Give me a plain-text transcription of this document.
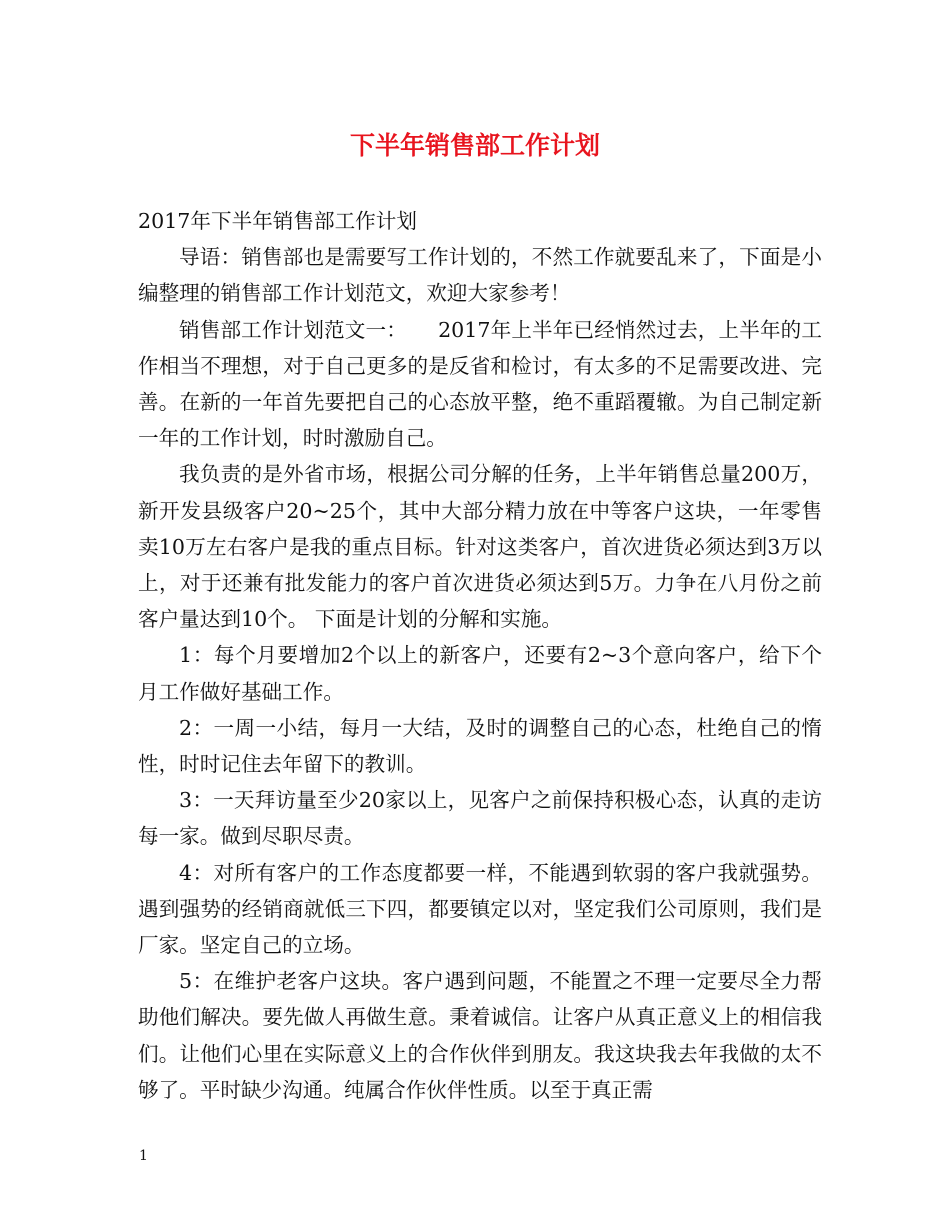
下半年销售部工作计划

2017年下半年销售部工作计划

导语：销售部也是需要写工作计划的，不然工作就要乱来了，下面是小编整理的销售部工作计划范文，欢迎大家参考！

销售部工作计划范文一：　　2017年上半年已经悄然过去，上半年的工作相当不理想，对于自己更多的是反省和检讨，有太多的不足需要改进、完善。在新的一年首先要把自己的心态放平整，绝不重蹈覆辙。为自己制定新一年的工作计划，时时激励自己。

我负责的是外省市场，根据公司分解的任务，上半年销售总量200万，新开发县级客户20~25个，其中大部分精力放在中等客户这块，一年零售卖10万左右客户是我的重点目标。针对这类客户，首次进货必须达到3万以上，对于还兼有批发能力的客户首次进货必须达到5万。力争在八月份之前客户量达到10个。 下面是计划的分解和实施。

1：每个月要增加2个以上的新客户，还要有2~3个意向客户，给下个月工作做好基础工作。

2：一周一小结，每月一大结，及时的调整自己的心态，杜绝自己的惰性，时时记住去年留下的教训。

3：一天拜访量至少20家以上，见客户之前保持积极心态，认真的走访每一家。做到尽职尽责。

4：对所有客户的工作态度都要一样，不能遇到软弱的客户我就强势。遇到强势的经销商就低三下四，都要镇定以对，坚定我们公司原则，我们是厂家。坚定自己的立场。

5：在维护老客户这块。客户遇到问题，不能置之不理一定要尽全力帮助他们解决。要先做人再做生意。秉着诚信。让客户从真正意义上的相信我们。让他们心里在实际意义上的合作伙伴到朋友。我这块我去年我做的太不够了。平时缺少沟通。纯属合作伙伴性质。以至于真正需

1
